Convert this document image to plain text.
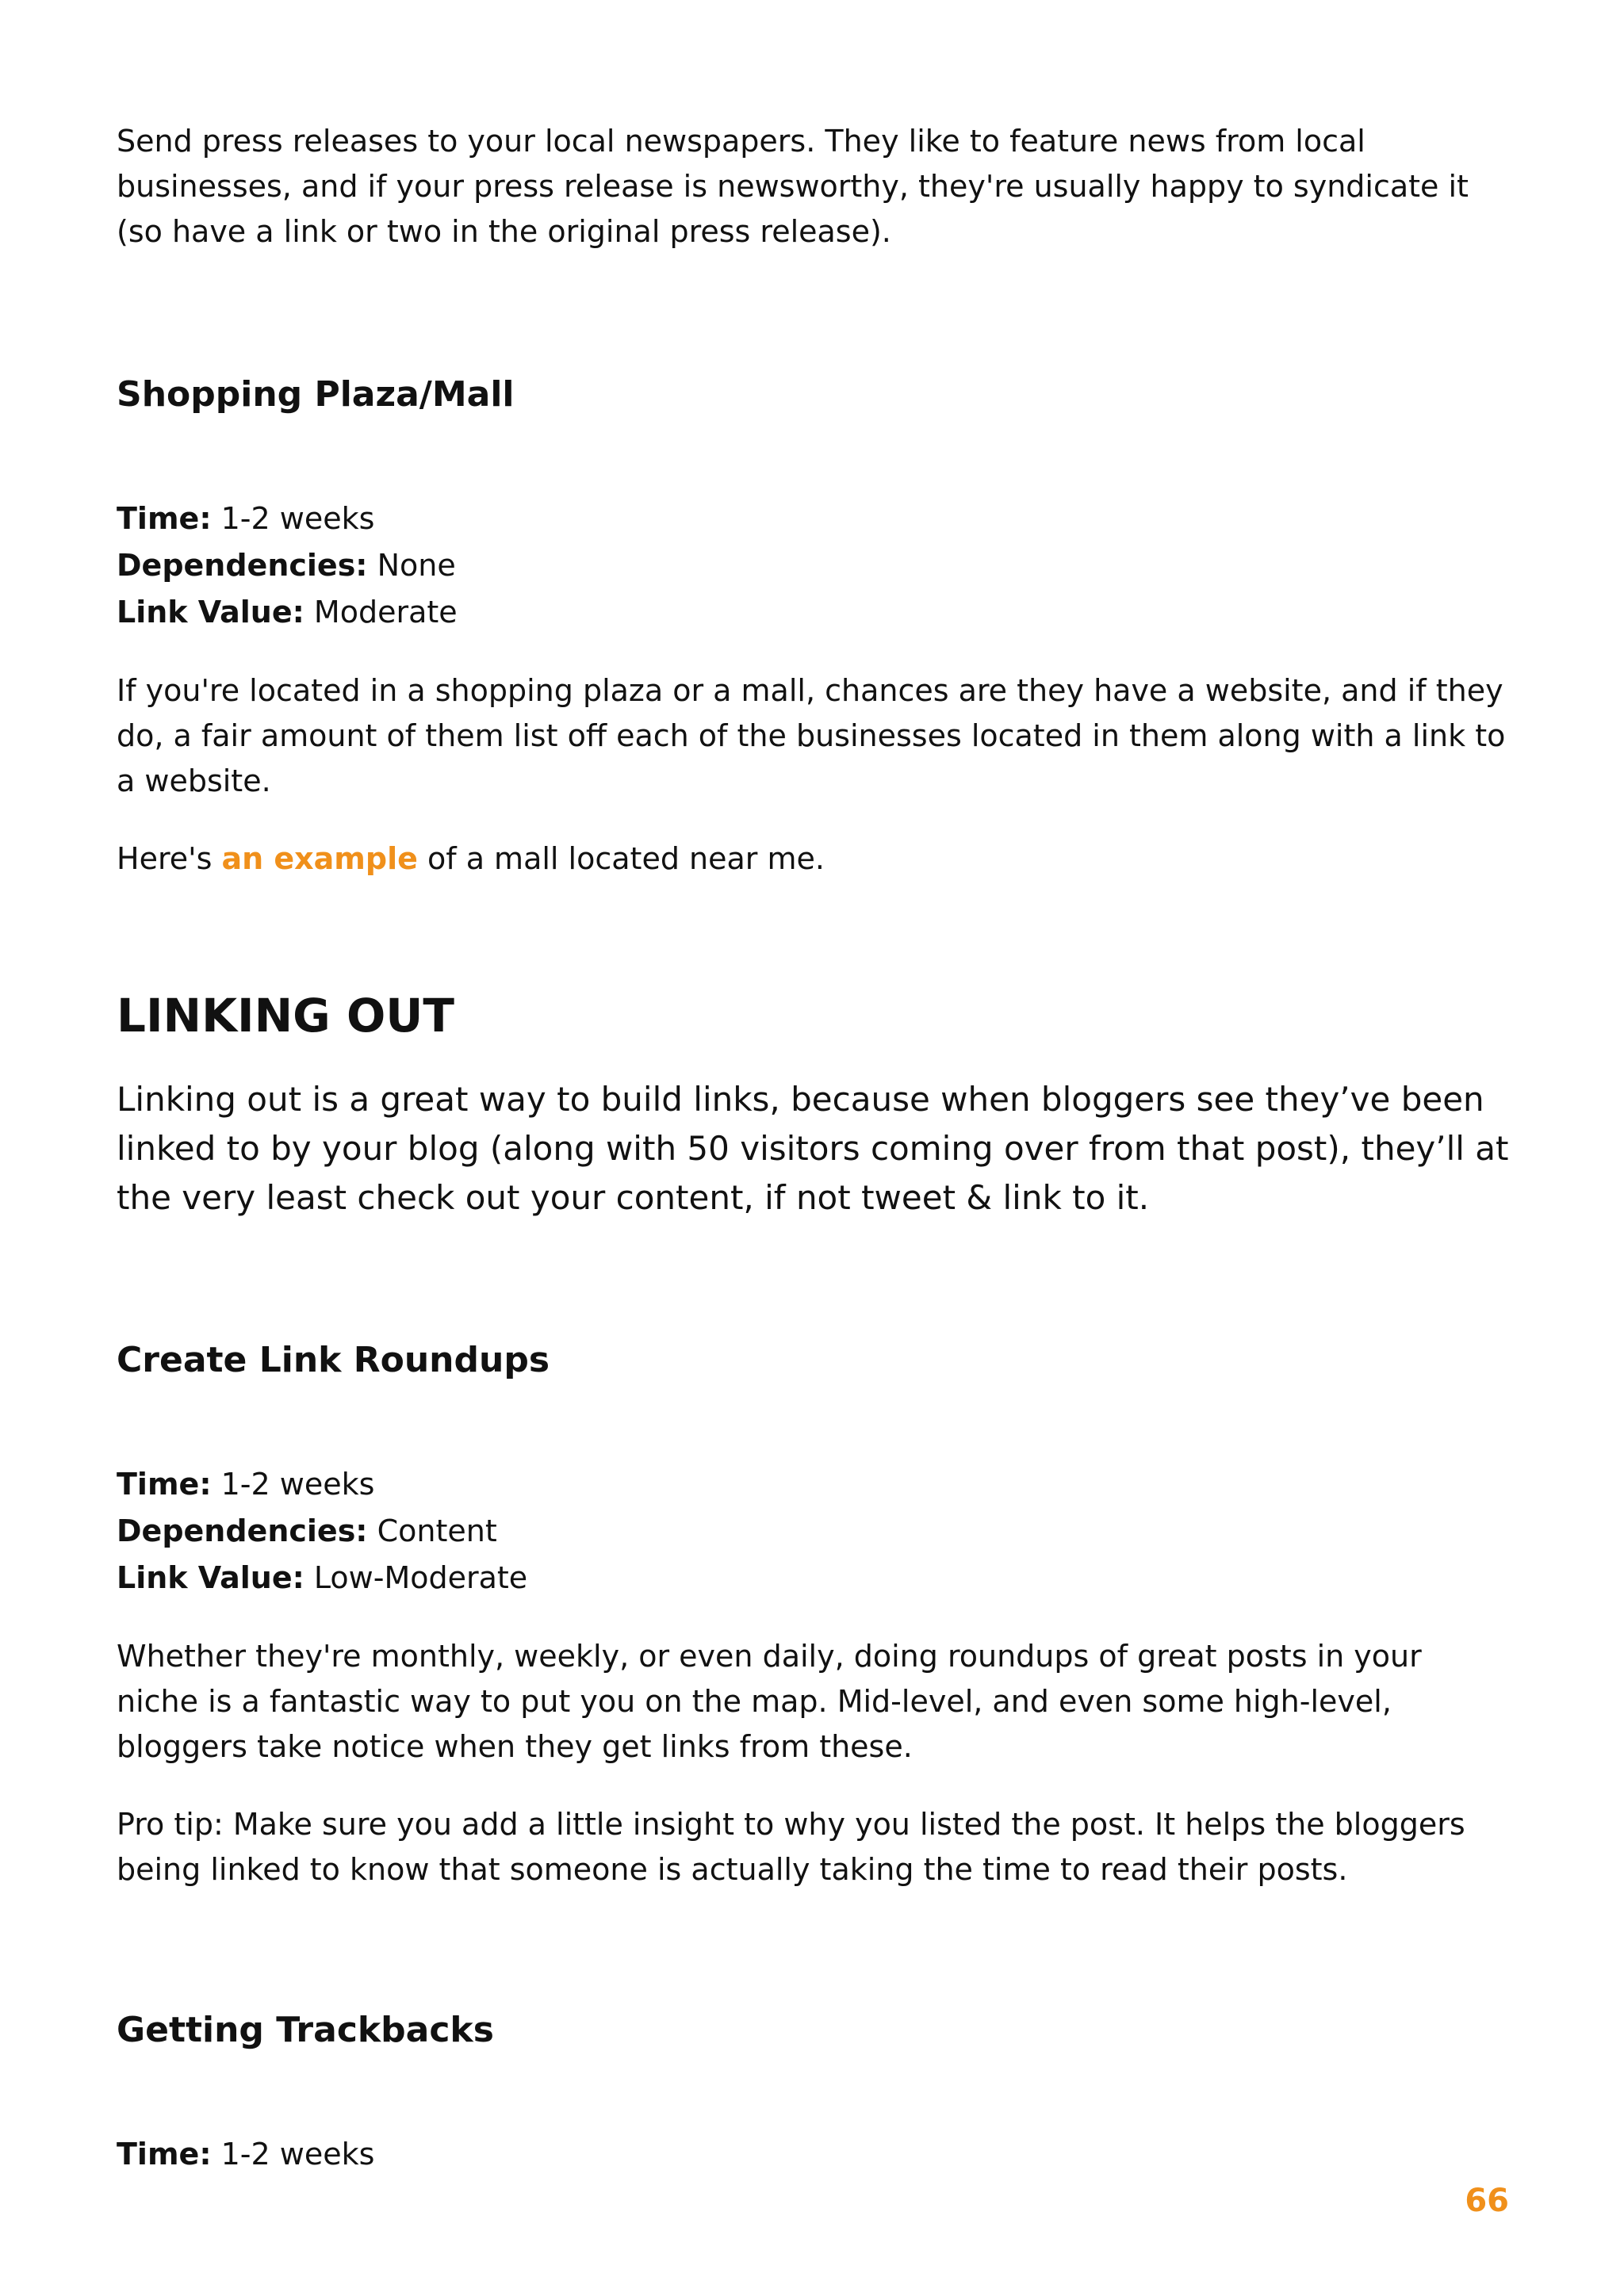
Send press releases to your local newspapers. They like to feature news from local businesses, and if your press release is newsworthy, they're usually happy to syndicate it (so have a link or two in the original press release).

Shopping Plaza/Mall

Time: 1-2 weeks

Dependencies: None

Link Value: Moderate

If you're located in a shopping plaza or a mall, chances are they have a website, and if they do, a fair amount of them list off each of the businesses located in them along with a link to a website.

Here's an example of a mall located near me.

LINKING OUT

Linking out is a great way to build links, because when bloggers see they’ve been linked to by your blog (along with 50 visitors coming over from that post), they’ll at the very least check out your content, if not tweet & link to it.

Create Link Roundups

Time: 1-2 weeks

Dependencies: Content

Link Value: Low-Moderate

Whether they're monthly, weekly, or even daily, doing roundups of great posts in your niche is a fantastic way to put you on the map. Mid-level, and even some high-level, bloggers take notice when they get links from these.

Pro tip: Make sure you add a little insight to why you listed the post. It helps the bloggers being linked to know that someone is actually taking the time to read their posts.

Getting Trackbacks

Time: 1-2 weeks

66
